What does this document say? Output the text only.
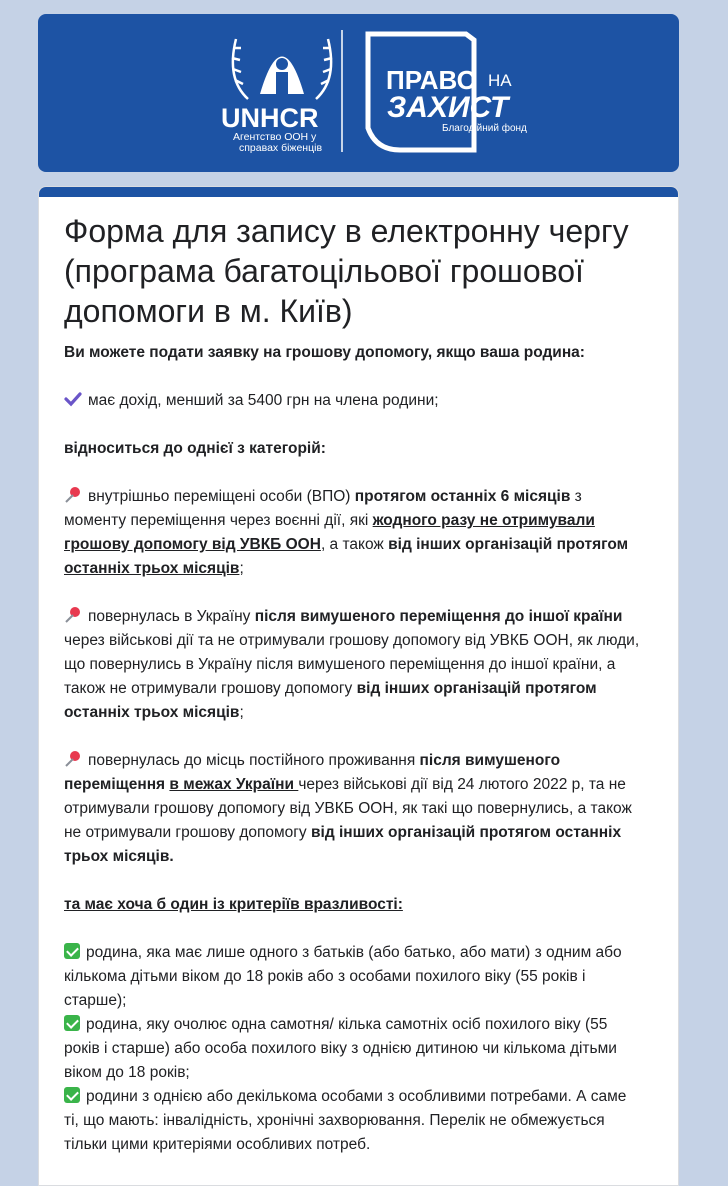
UNHCR
Агентство ООН у
справах біженців
ПРАВО НА
ЗАХИСТ
Благодійний фонд
Форма для запису в електронну чергу (програма багатоцільової грошової допомоги в м. Київ)

Ви можете подати заявку на грошову допомогу, якщо ваша родина:

має дохід, менший за 5400 грн на члена родини;

відноситься до однієї з категорій:

внутрішньо переміщені особи (ВПО) протягом останніх 6 місяців з моменту переміщення через воєнні дії, які жодного разу не отримували грошову допомогу від УВКБ ООН, а також від інших організацій протягом останніх трьох місяців;

повернулась в Україну після вимушеного переміщення до іншої країни через військові дії та не отримували грошову допомогу від УВКБ ООН, як люди, що повернулись в Україну після вимушеного переміщення до іншої країни, а також не отримували грошову допомогу від інших організацій протягом останніх трьох місяців;

повернулась до місць постійного проживання після вимушеного переміщення в межах України через військові дії від 24 лютого 2022 р, та не отримували грошову допомогу від УВКБ ООН, як такі що повернулись, а також не отримували грошову допомогу від інших організацій протягом останніх трьох місяців.

та має хоча б один із критеріїв вразливості:

родина, яка має лише одного з батьків (або батько, або мати) з одним або кількома дітьми віком до 18 років або з особами похилого віку (55 років і старше);

родина, яку очолює одна самотня/ кілька самотніх осіб похилого віку (55 років і старше) або особа похилого віку з однією дитиною чи кількома дітьми віком до 18 років;

родини з однією або декількома особами з особливими потребами. А саме ті, що мають: інвалідність, хронічні захворювання. Перелік не обмежується тільки цими критеріями особливих потреб.
